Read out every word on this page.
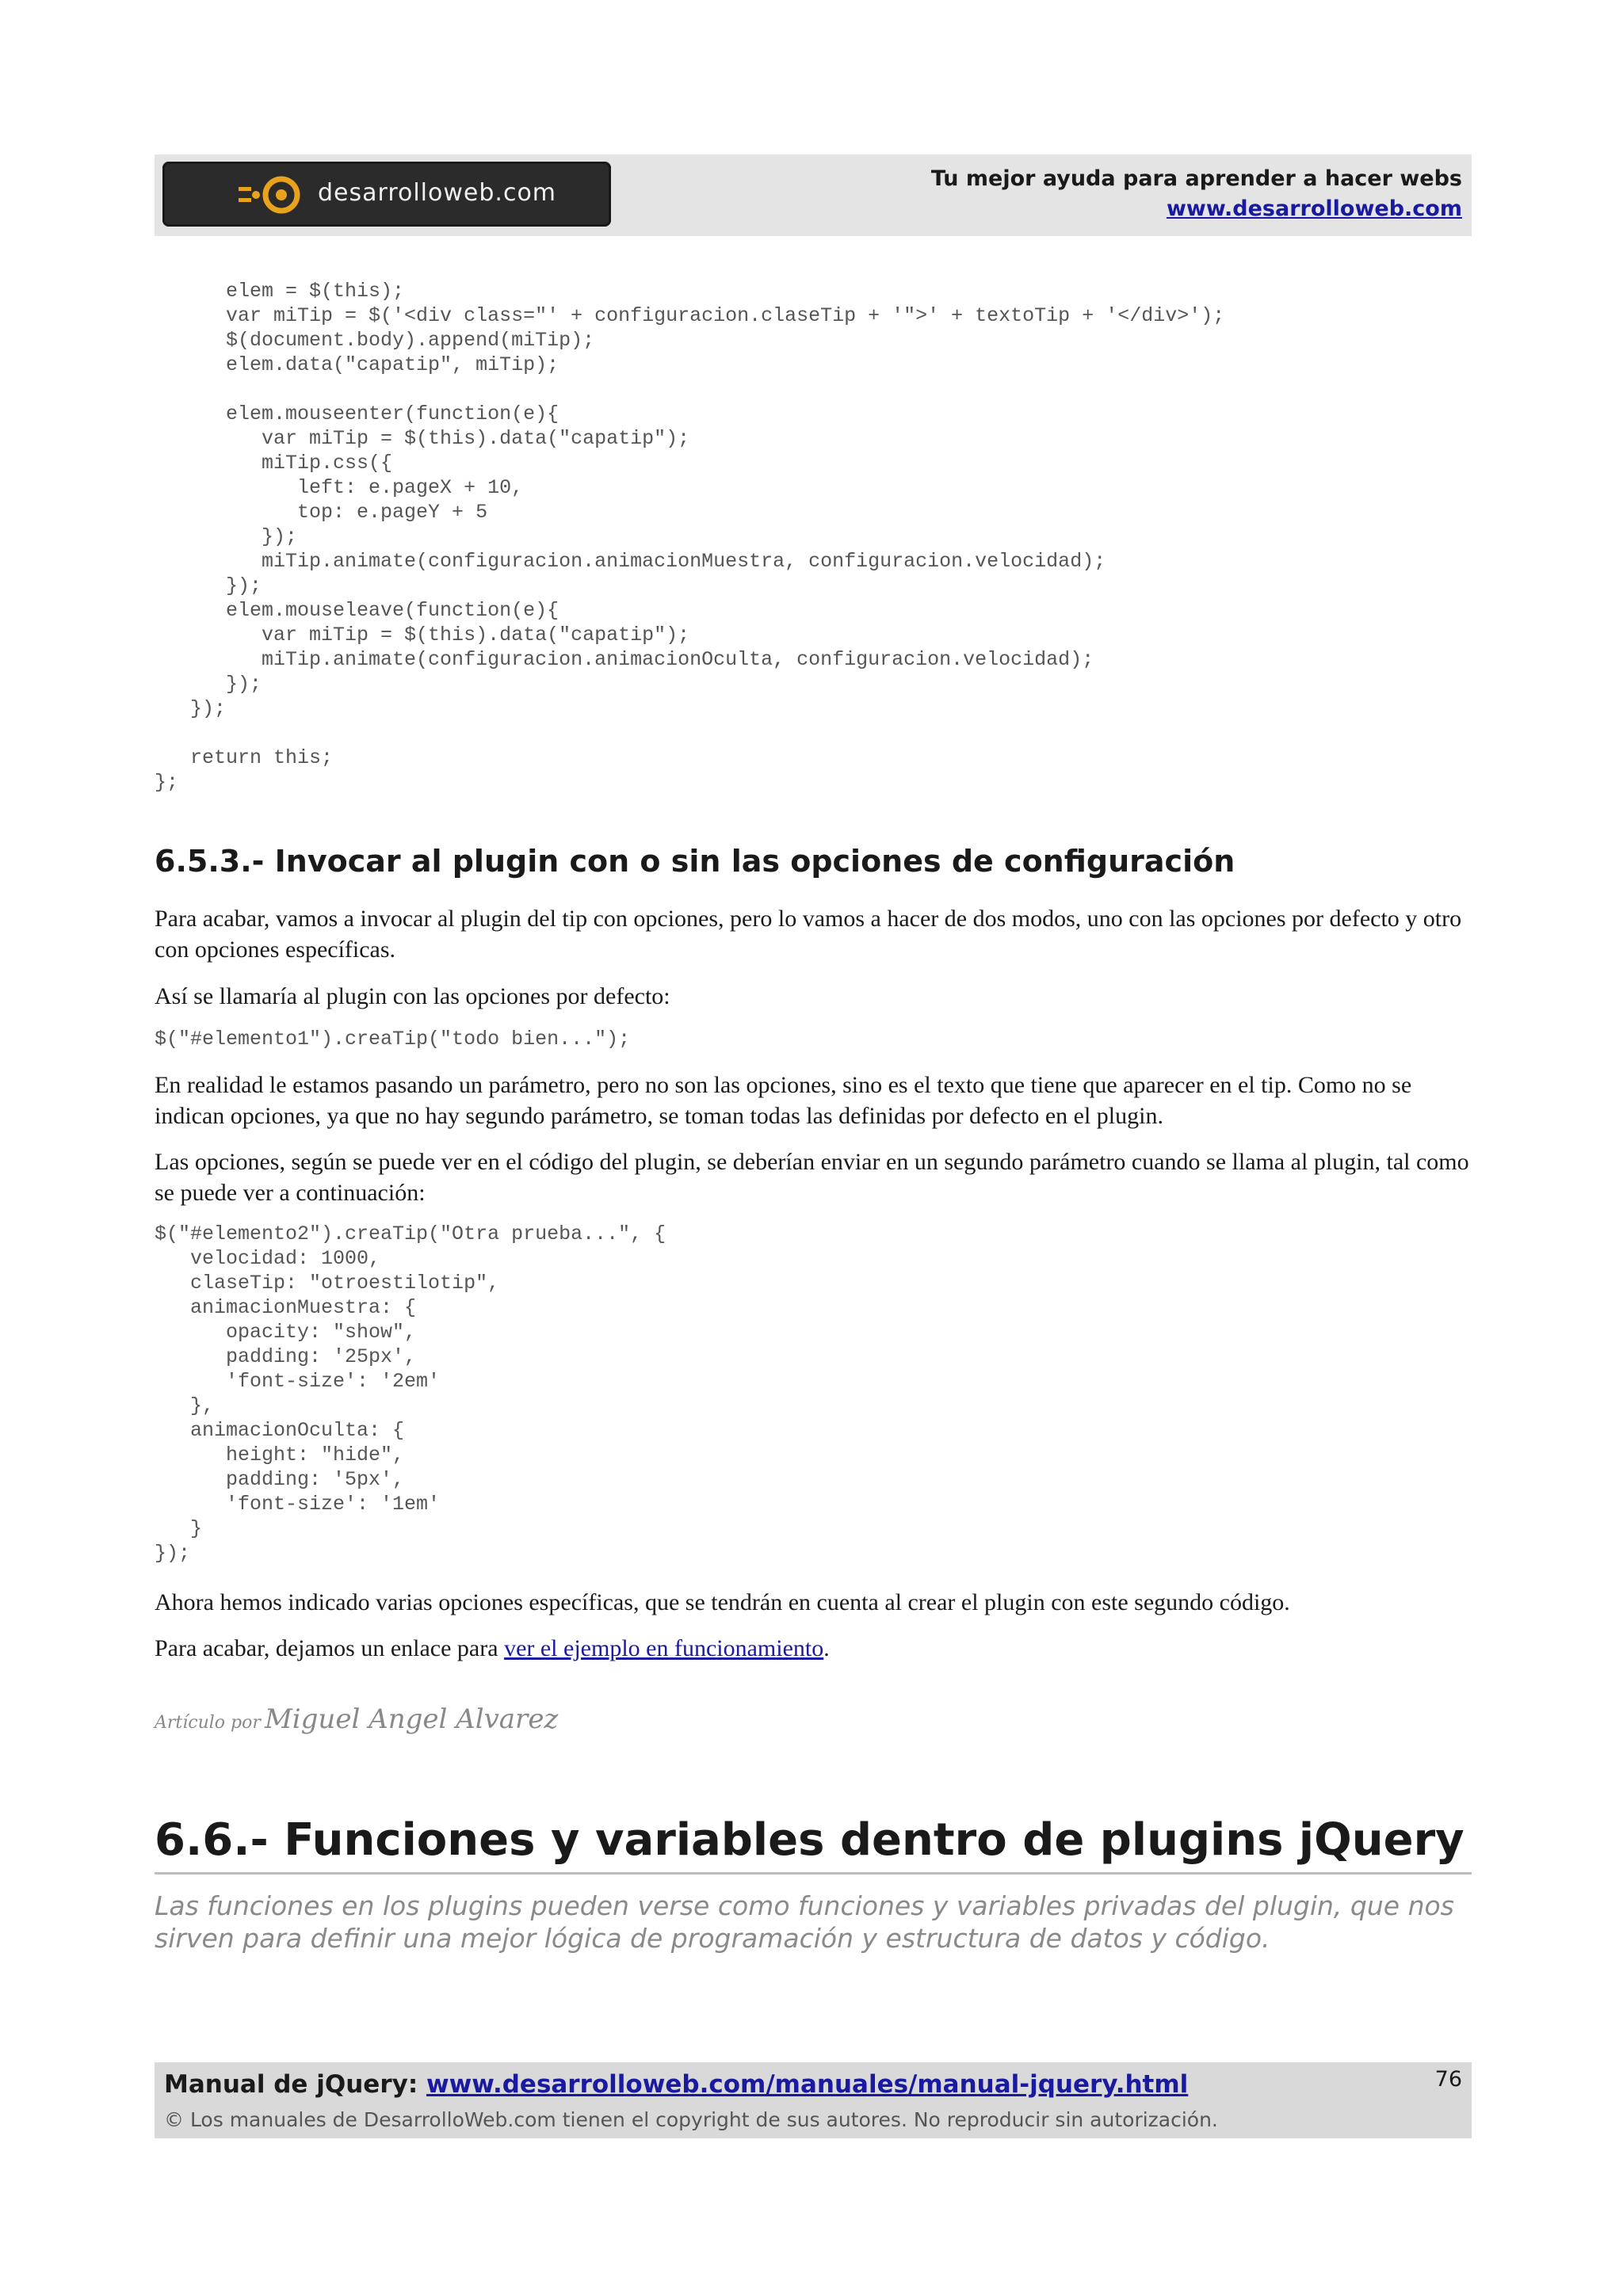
desarrolloweb.com
Tu mejor ayuda para aprender a hacer webs
www.desarrolloweb.com
elem = $(this);
var miTip = $('<div class="' + configuracion.claseTip + '">' + textoTip + '</div>');
$(document.body).append(miTip);
elem.data("capatip", miTip);

elem.mouseenter(function(e){
var miTip = $(this).data("capatip");
miTip.css({
left: e.pageX + 10,
top: e.pageY + 5
});
miTip.animate(configuracion.animacionMuestra, configuracion.velocidad);
});
elem.mouseleave(function(e){
var miTip = $(this).data("capatip");
miTip.animate(configuracion.animacionOculta, configuracion.velocidad);
});
});

return this;
};
6.5.3.- Invocar al plugin con o sin las opciones de configuración

Para acabar, vamos a invocar al plugin del tip con opciones, pero lo vamos a hacer de dos modos, uno con las opciones por defecto y otro con opciones específicas.

Así se llamaría al plugin con las opciones por defecto:

$("#elemento1").creaTip("todo bien...");

En realidad le estamos pasando un parámetro, pero no son las opciones, sino es el texto que tiene que aparecer en el tip. Como no se indican opciones, ya que no hay segundo parámetro, se toman todas las definidas por defecto en el plugin.

Las opciones, según se puede ver en el código del plugin, se deberían enviar en un segundo parámetro cuando se llama al plugin, tal como se puede ver a continuación:

$("#elemento2").creaTip("Otra prueba...", {
velocidad: 1000,
claseTip: "otroestilotip",
animacionMuestra: {
opacity: "show",
padding: '25px',
'font-size': '2em'
},
animacionOculta: {
height: "hide",
padding: '5px',
'font-size': '1em'
}
});

Ahora hemos indicado varias opciones específicas, que se tendrán en cuenta al crear el plugin con este segundo código.

Para acabar, dejamos un enlace para ver el ejemplo en funcionamiento.

Artículo por Miguel Angel Alvarez
6.6.- Funciones y variables dentro de plugins jQuery

Las funciones en los plugins pueden verse como funciones y variables privadas del plugin, que nos sirven para definir una mejor lógica de programación y estructura de datos y código.

Manual de jQuery: www.desarrolloweb.com/manuales/manual-jquery.html
© Los manuales de DesarrolloWeb.com tienen el copyright de sus autores. No reproducir sin autorización.
76
